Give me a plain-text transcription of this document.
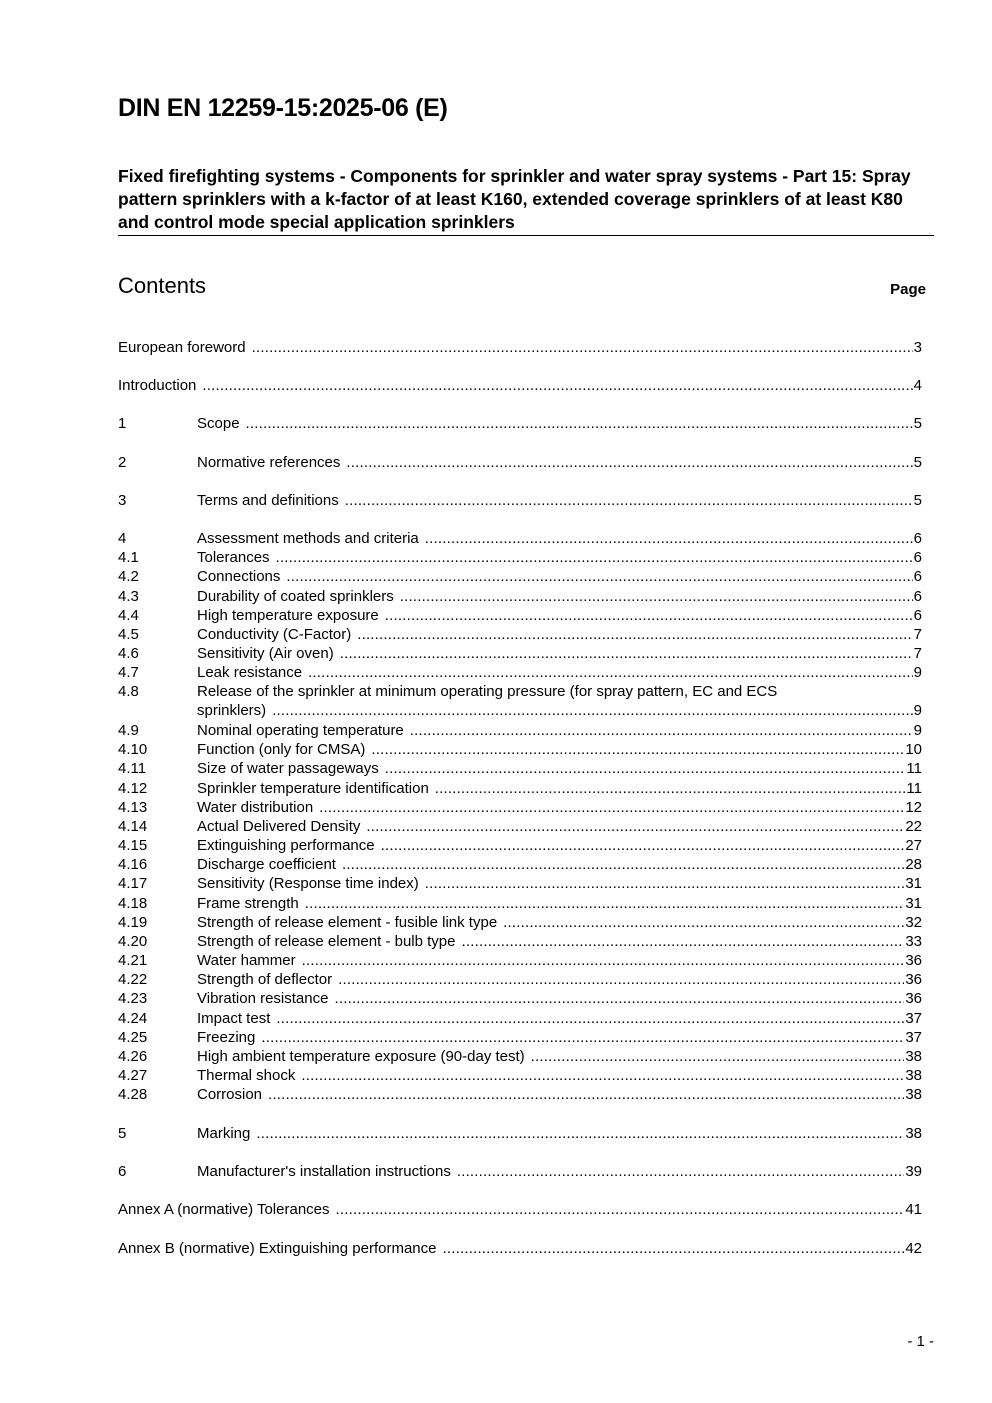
DIN EN 12259-15:2025-06 (E)
Fixed firefighting systems - Components for sprinkler and water spray systems - Part 15: Spray pattern sprinklers with a k-factor of at least K160, extended coverage sprinklers of at least K80 and control mode special application sprinklers
Contents	Page
European foreword .....	3
Introduction .....	4
1	Scope .....	5
2	Normative references .....	5
3	Terms and definitions .....	5
4	Assessment methods and criteria .....	6
4.1	Tolerances .....	6
4.2	Connections .....	6
4.3	Durability of coated sprinklers .....	6
4.4	High temperature exposure .....	6
4.5	Conductivity (C-Factor) .....	7
4.6	Sensitivity (Air oven) .....	7
4.7	Leak resistance .....	9
4.8	Release of the sprinkler at minimum operating pressure (for spray pattern, EC and ECS
sprinklers) .....	9
4.9	Nominal operating temperature .....	9
4.10	Function (only for CMSA) .....	10
4.11	Size of water passageways .....	11
4.12	Sprinkler temperature identification .....	11
4.13	Water distribution .....	12
4.14	Actual Delivered Density .....	22
4.15	Extinguishing performance .....	27
4.16	Discharge coefficient .....	28
4.17	Sensitivity (Response time index) .....	31
4.18	Frame strength .....	31
4.19	Strength of release element - fusible link type .....	32
4.20	Strength of release element - bulb type .....	33
4.21	Water hammer .....	36
4.22	Strength of deflector .....	36
4.23	Vibration resistance .....	36
4.24	Impact test .....	37
4.25	Freezing .....	37
4.26	High ambient temperature exposure (90-day test) .....	38
4.27	Thermal shock .....	38
4.28	Corrosion .....	38
5	Marking .....	38
6	Manufacturer's installation instructions .....	39
Annex A (normative) Tolerances .....	41
Annex B (normative) Extinguishing performance .....	42
- 1 -
